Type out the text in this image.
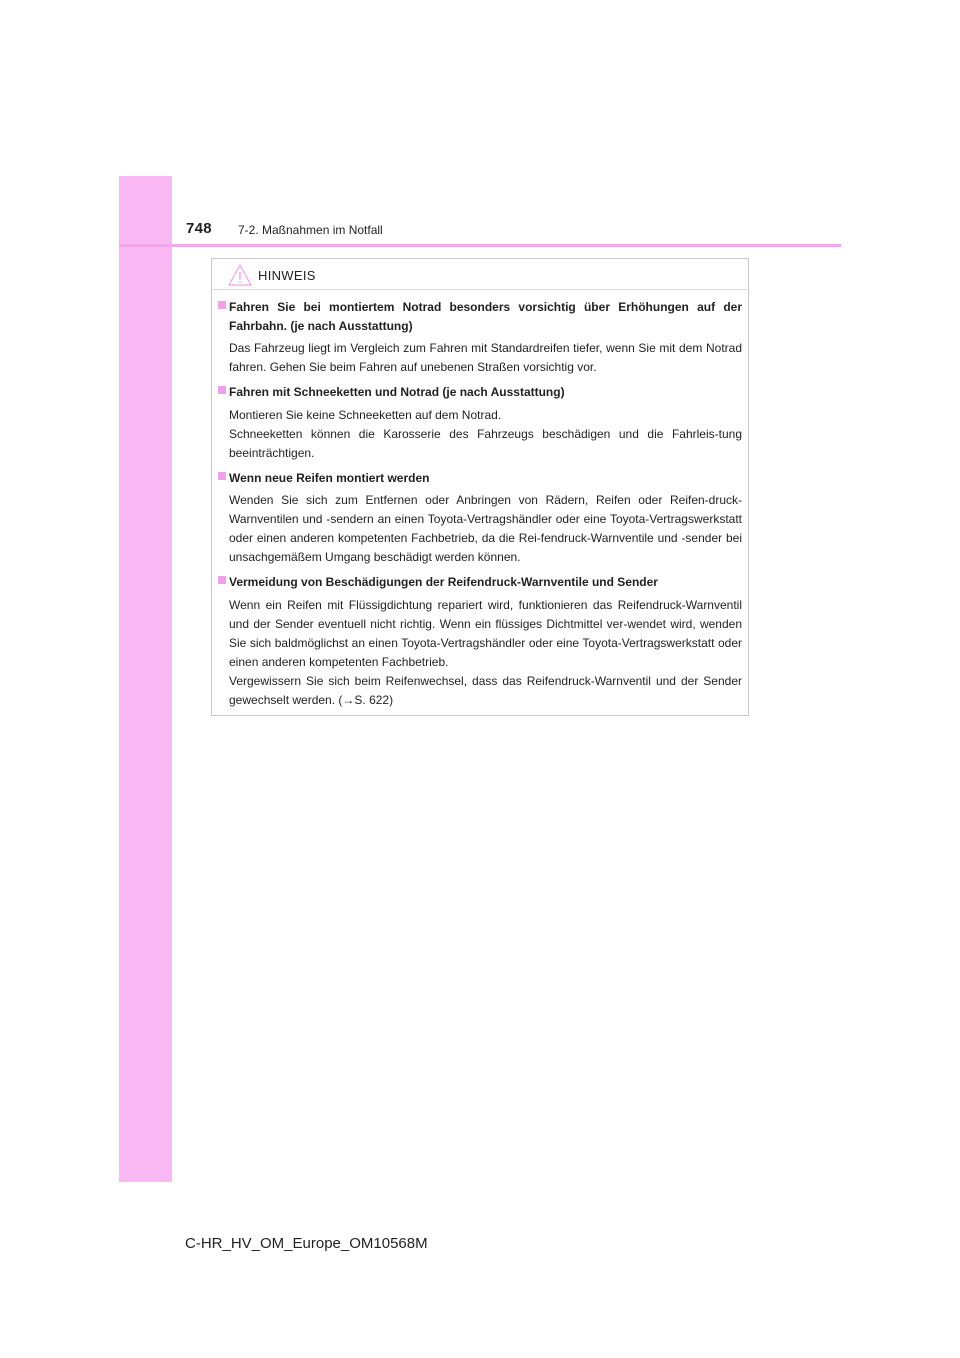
748 7-2. Maßnahmen im Notfall
HINWEIS
Fahren Sie bei montiertem Notrad besonders vorsichtig über Erhöhungen auf der Fahrbahn. (je nach Ausstattung)
Das Fahrzeug liegt im Vergleich zum Fahren mit Standardreifen tiefer, wenn Sie mit dem Notrad fahren. Gehen Sie beim Fahren auf unebenen Straßen vorsichtig vor.
Fahren mit Schneeketten und Notrad (je nach Ausstattung)
Montieren Sie keine Schneeketten auf dem Notrad.
Schneeketten können die Karosserie des Fahrzeugs beschädigen und die Fahrleis-tung beeinträchtigen.
Wenn neue Reifen montiert werden
Wenden Sie sich zum Entfernen oder Anbringen von Rädern, Reifen oder Reifen-druck-Warnventilen und -sendern an einen Toyota-Vertragshändler oder eine Toyota-Vertragswerkstatt oder einen anderen kompetenten Fachbetrieb, da die Rei-fendruck-Warnventile und -sender bei unsachgemäßem Umgang beschädigt werden können.
Vermeidung von Beschädigungen der Reifendruck-Warnventile und Sender
Wenn ein Reifen mit Flüssigdichtung repariert wird, funktionieren das Reifendruck-Warnventil und der Sender eventuell nicht richtig. Wenn ein flüssiges Dichtmittel ver-wendet wird, wenden Sie sich baldmöglichst an einen Toyota-Vertragshändler oder eine Toyota-Vertragswerkstatt oder einen anderen kompetenten Fachbetrieb.
Vergewissern Sie sich beim Reifenwechsel, dass das Reifendruck-Warnventil und der Sender gewechselt werden. (→S. 622)
C-HR_HV_OM_Europe_OM10568M
